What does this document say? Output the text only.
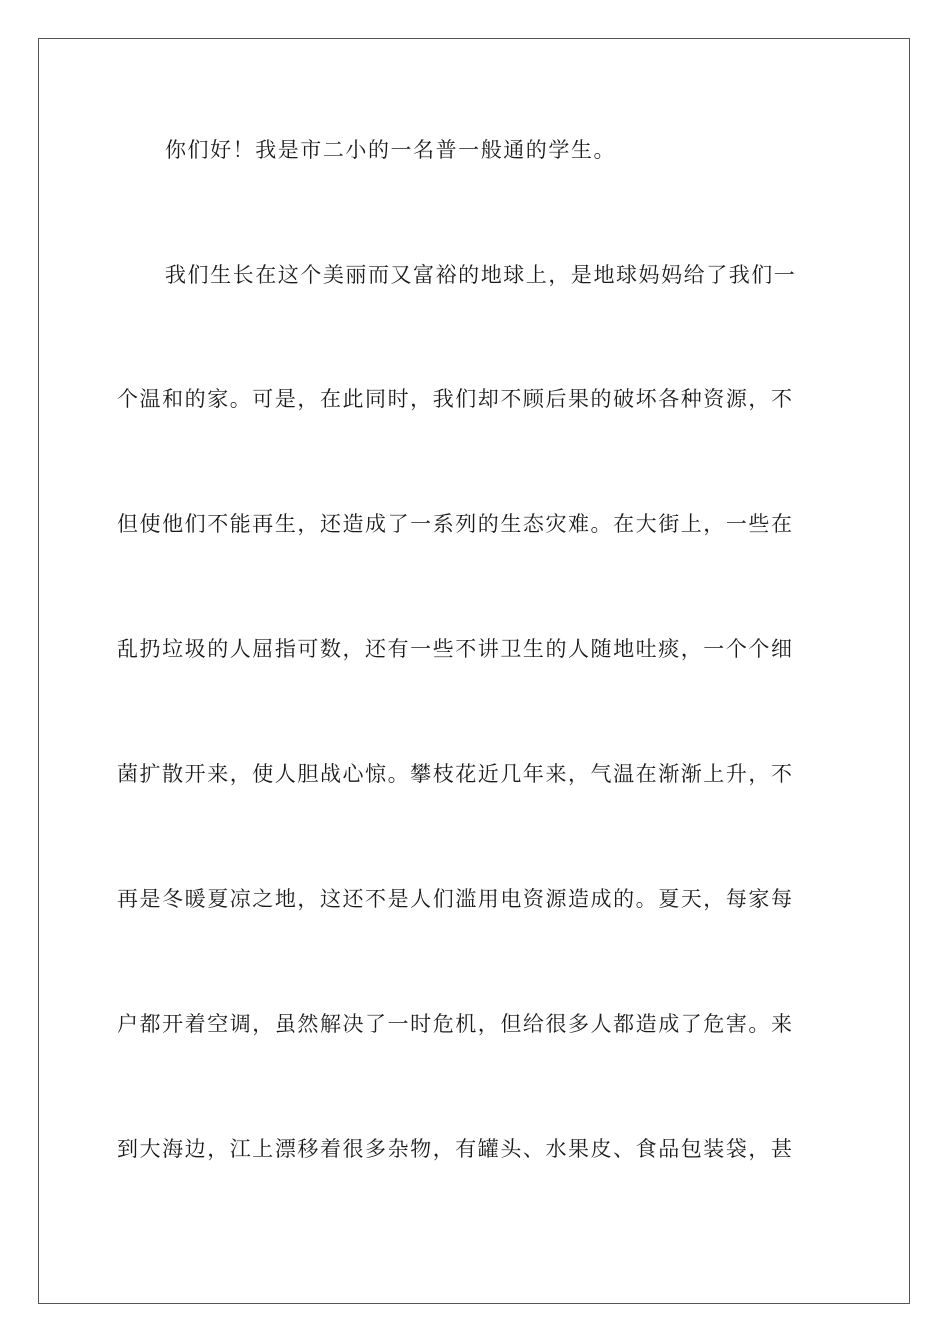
你们好！我是市二小的一名普一般通的学生。
我们生长在这个美丽而又富裕的地球上，是地球妈妈给了我们一
个温和的家。可是，在此同时，我们却不顾后果的破坏各种资源，不
但使他们不能再生，还造成了一系列的生态灾难。在大街上，一些在
乱扔垃圾的人屈指可数，还有一些不讲卫生的人随地吐痰，一个个细
菌扩散开来，使人胆战心惊。攀枝花近几年来，气温在渐渐上升，不
再是冬暖夏凉之地，这还不是人们滥用电资源造成的。夏天，每家每
户都开着空调，虽然解决了一时危机，但给很多人都造成了危害。来
到大海边，江上漂移着很多杂物，有罐头、水果皮、食品包装袋，甚
